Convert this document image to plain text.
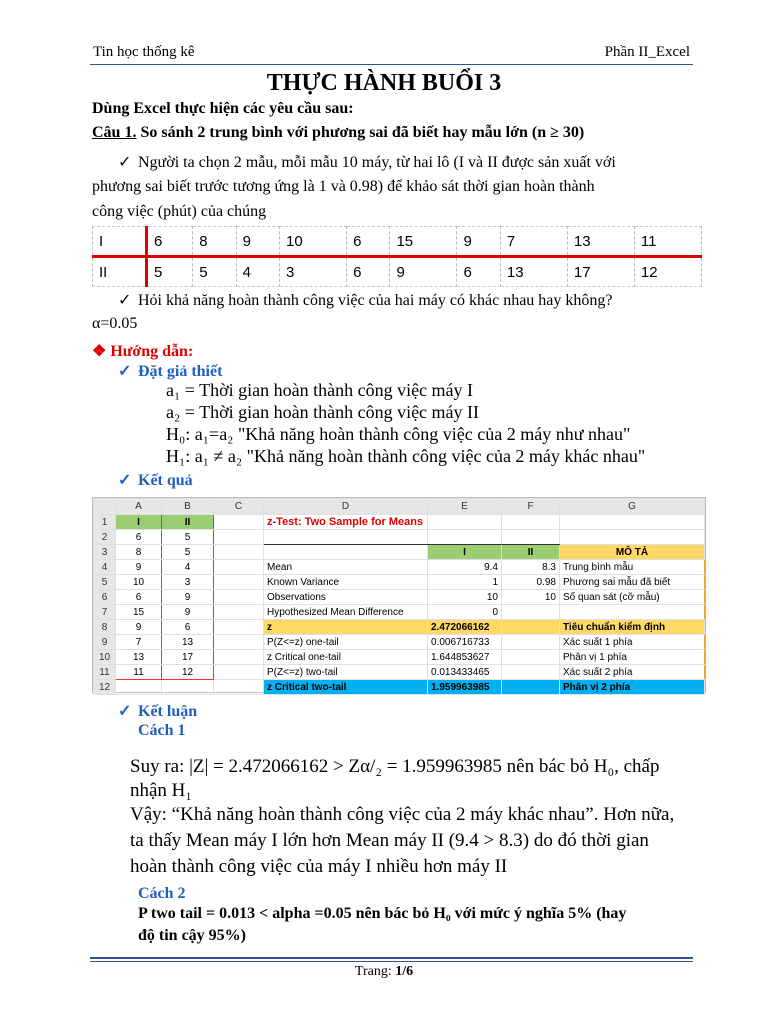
Tin học thống kê	Phần II_Excel
THỰC HÀNH BUỔI 3
Dùng Excel thực hiện các yêu cầu sau:
Câu 1. So sánh 2 trung bình với phương sai đã biết hay mẫu lớn (n ≥ 30)
✓ Người ta chọn 2 mẫu, mỗi mẫu 10 máy, từ hai lô (I và II được sản xuất với
phương sai biết trước tương ứng là 1 và 0.98) để khảo sát thời gian hoàn thành
công việc (phút) của chúng
I	6	8	9	10	6	15	9	7	13	11
II	5	5	4	3	6	9	6	13	17	12
✓ Hỏi khả năng hoàn thành công việc của hai máy có khác nhau hay không?
α=0.05
❖ Hướng dẫn:
✓ Đặt giả thiết
a₁ = Thời gian hoàn thành công việc máy I
a₂ = Thời gian hoàn thành công việc máy II
H₀: a₁=a₂ "Khả năng hoàn thành công việc của 2 máy như nhau"
H₁: a₁ ≠ a₂ "Khả năng hoàn thành công việc của 2 máy khác nhau"
✓ Kết quả
	A	B	C	D	E	F	G
1	I	II		z-Test: Two Sample for Means			
2	6	5					
3	8	5			I	II	MÔ TẢ
4	9	4		Mean	9.4	8.3	Trung bình mẫu
5	10	3		Known Variance	1	0.98	Phương sai mẫu đã biết
6	6	9		Observations	10	10	Số quan sát (cỡ mẫu)
7	15	9		Hypothesized Mean Difference	0		
8	9	6		z	2.472066162		Tiêu chuẩn kiểm định
9	7	13		P(Z<=z) one-tail	0.006716733		Xác suất 1 phía
10	13	17		z Critical one-tail	1.644853627		Phân vị 1 phía
11	11	12		P(Z<=z) two-tail	0.013433465		Xác suất 2 phía
12				z Critical two-tail	1.959963985		Phân vị 2 phía
✓ Kết luận
Cách 1
Suy ra: |Z| = 2.472066162 > Zα/₂ = 1.959963985 nên bác bỏ H₀, chấp
nhận H₁
Vậy: “Khả năng hoàn thành công việc của 2 máy khác nhau”. Hơn nữa,
ta thấy Mean máy I lớn hơn Mean máy II (9.4 > 8.3) do đó thời gian
hoàn thành công việc của máy I nhiều hơn máy II
Cách 2
P two tail = 0.013 < alpha =0.05 nên bác bỏ H₀ với mức ý nghĩa 5% (hay
độ tin cậy 95%)
Trang: 1/6
